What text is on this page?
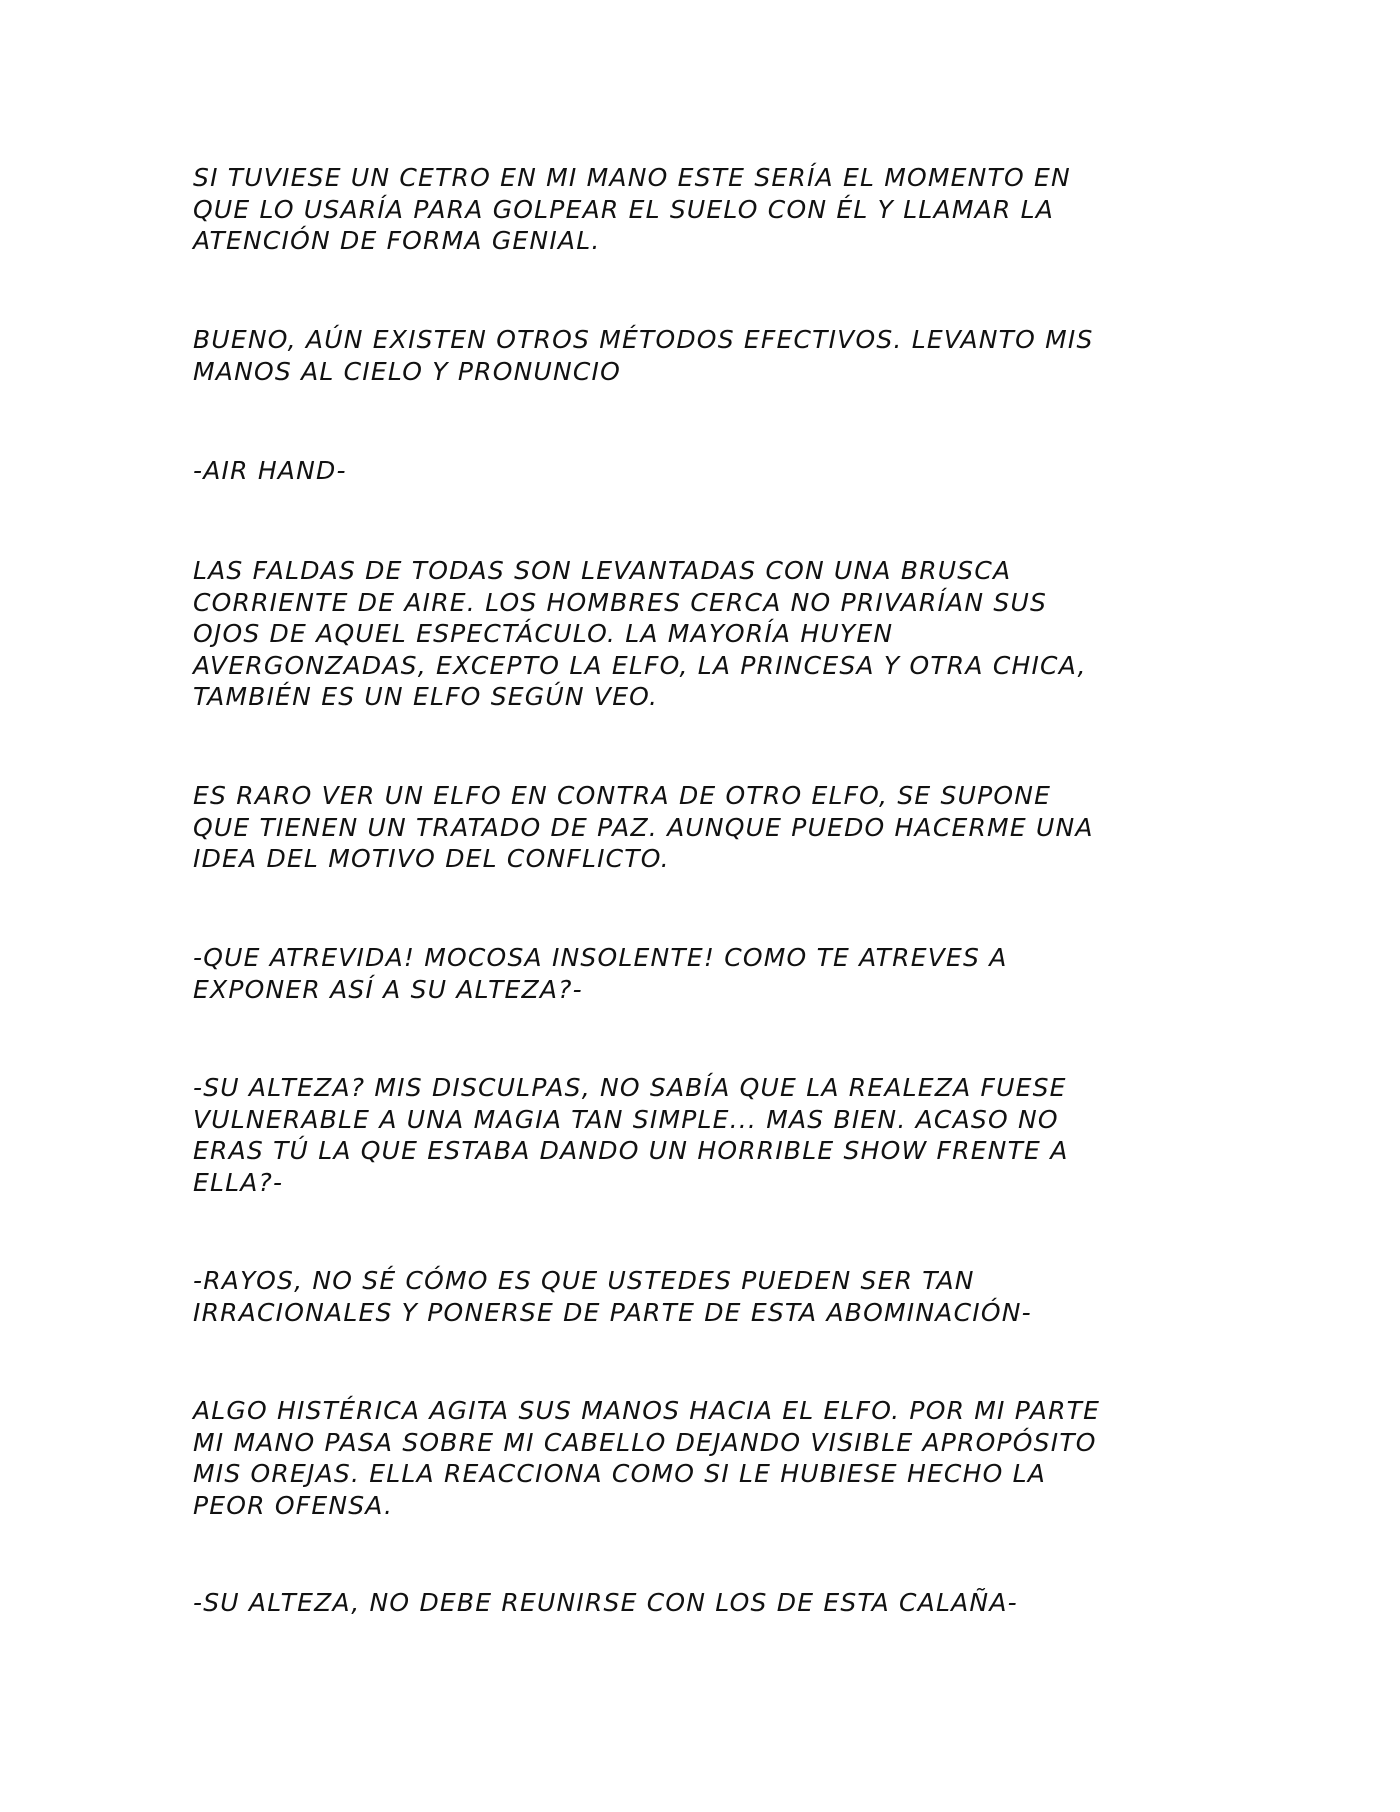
SI TUVIESE UN CETRO EN MI MANO ESTE SERÍA EL MOMENTO EN
QUE LO USARÍA PARA GOLPEAR EL SUELO CON ÉL Y LLAMAR LA
ATENCIÓN DE FORMA GENIAL.

BUENO, AÚN EXISTEN OTROS MÉTODOS EFECTIVOS. LEVANTO MIS
MANOS AL CIELO Y PRONUNCIO

-AIR HAND-

LAS FALDAS DE TODAS SON LEVANTADAS CON UNA BRUSCA
CORRIENTE DE AIRE. LOS HOMBRES CERCA NO PRIVARÍAN SUS
OJOS DE AQUEL ESPECTÁCULO. LA MAYORÍA HUYEN
AVERGONZADAS, EXCEPTO LA ELFO, LA PRINCESA Y OTRA CHICA,
TAMBIÉN ES UN ELFO SEGÚN VEO.

ES RARO VER UN ELFO EN CONTRA DE OTRO ELFO, SE SUPONE
QUE TIENEN UN TRATADO DE PAZ. AUNQUE PUEDO HACERME UNA
IDEA DEL MOTIVO DEL CONFLICTO.

-QUE ATREVIDA! MOCOSA INSOLENTE! COMO TE ATREVES A
EXPONER ASÍ A SU ALTEZA?-

-SU ALTEZA? MIS DISCULPAS, NO SABÍA QUE LA REALEZA FUESE
VULNERABLE A UNA MAGIA TAN SIMPLE... MAS BIEN. ACASO NO
ERAS TÚ LA QUE ESTABA DANDO UN HORRIBLE SHOW FRENTE A
ELLA?-

-RAYOS, NO SÉ CÓMO ES QUE USTEDES PUEDEN SER TAN
IRRACIONALES Y PONERSE DE PARTE DE ESTA ABOMINACIÓN-

ALGO HISTÉRICA AGITA SUS MANOS HACIA EL ELFO. POR MI PARTE
MI MANO PASA SOBRE MI CABELLO DEJANDO VISIBLE APROPÓSITO
MIS OREJAS. ELLA REACCIONA COMO SI LE HUBIESE HECHO LA
PEOR OFENSA.

-SU ALTEZA, NO DEBE REUNIRSE CON LOS DE ESTA CALAÑA-
